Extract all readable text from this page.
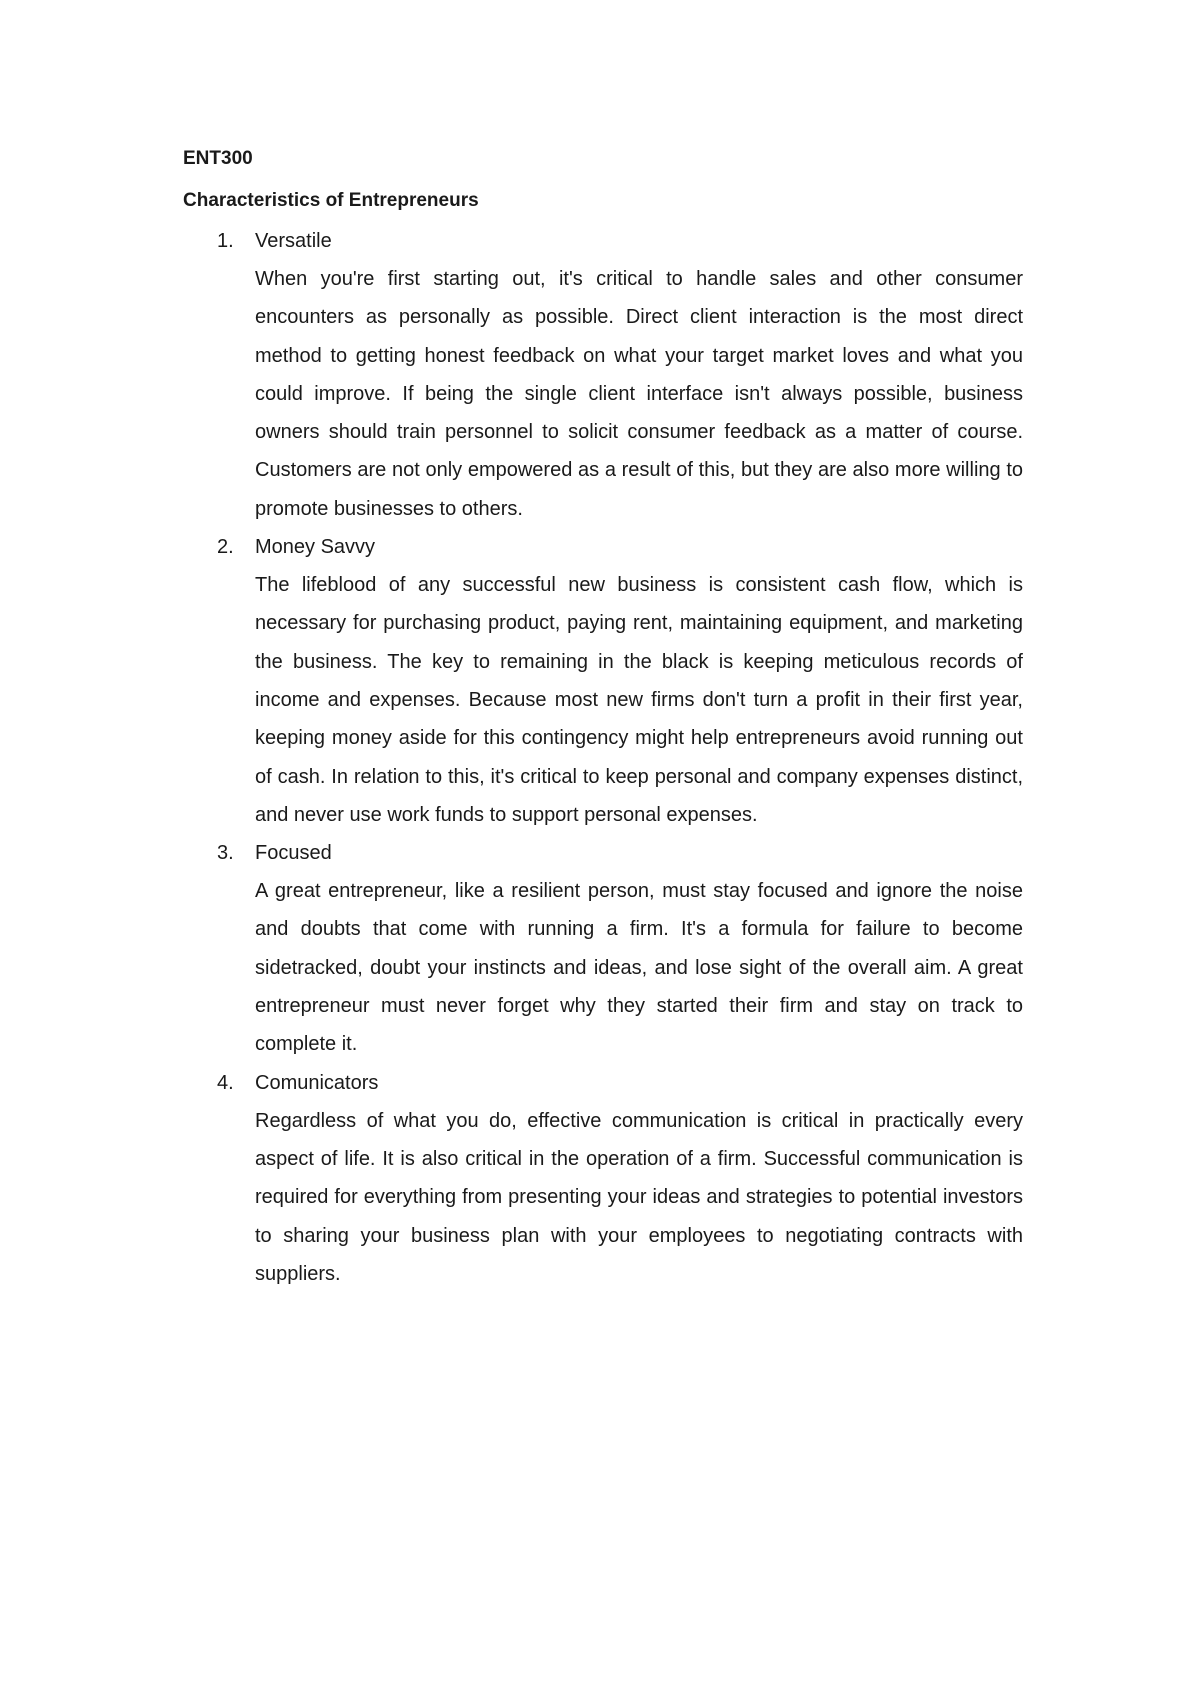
ENT300

Characteristics of Entrepreneurs

1. Versatile

When you're first starting out, it's critical to handle sales and other consumer encounters as personally as possible. Direct client interaction is the most direct method to getting honest feedback on what your target market loves and what you could improve. If being the single client interface isn't always possible, business owners should train personnel to solicit consumer feedback as a matter of course. Customers are not only empowered as a result of this, but they are also more willing to promote businesses to others.

2. Money Savvy

The lifeblood of any successful new business is consistent cash flow, which is necessary for purchasing product, paying rent, maintaining equipment, and marketing the business. The key to remaining in the black is keeping meticulous records of income and expenses. Because most new firms don't turn a profit in their first year, keeping money aside for this contingency might help entrepreneurs avoid running out of cash. In relation to this, it's critical to keep personal and company expenses distinct, and never use work funds to support personal expenses.

3. Focused

A great entrepreneur, like a resilient person, must stay focused and ignore the noise and doubts that come with running a firm. It's a formula for failure to become sidetracked, doubt your instincts and ideas, and lose sight of the overall aim. A great entrepreneur must never forget why they started their firm and stay on track to complete it.

4. Comunicators

Regardless of what you do, effective communication is critical in practically every aspect of life. It is also critical in the operation of a firm. Successful communication is required for everything from presenting your ideas and strategies to potential investors to sharing your business plan with your employees to negotiating contracts with suppliers.
